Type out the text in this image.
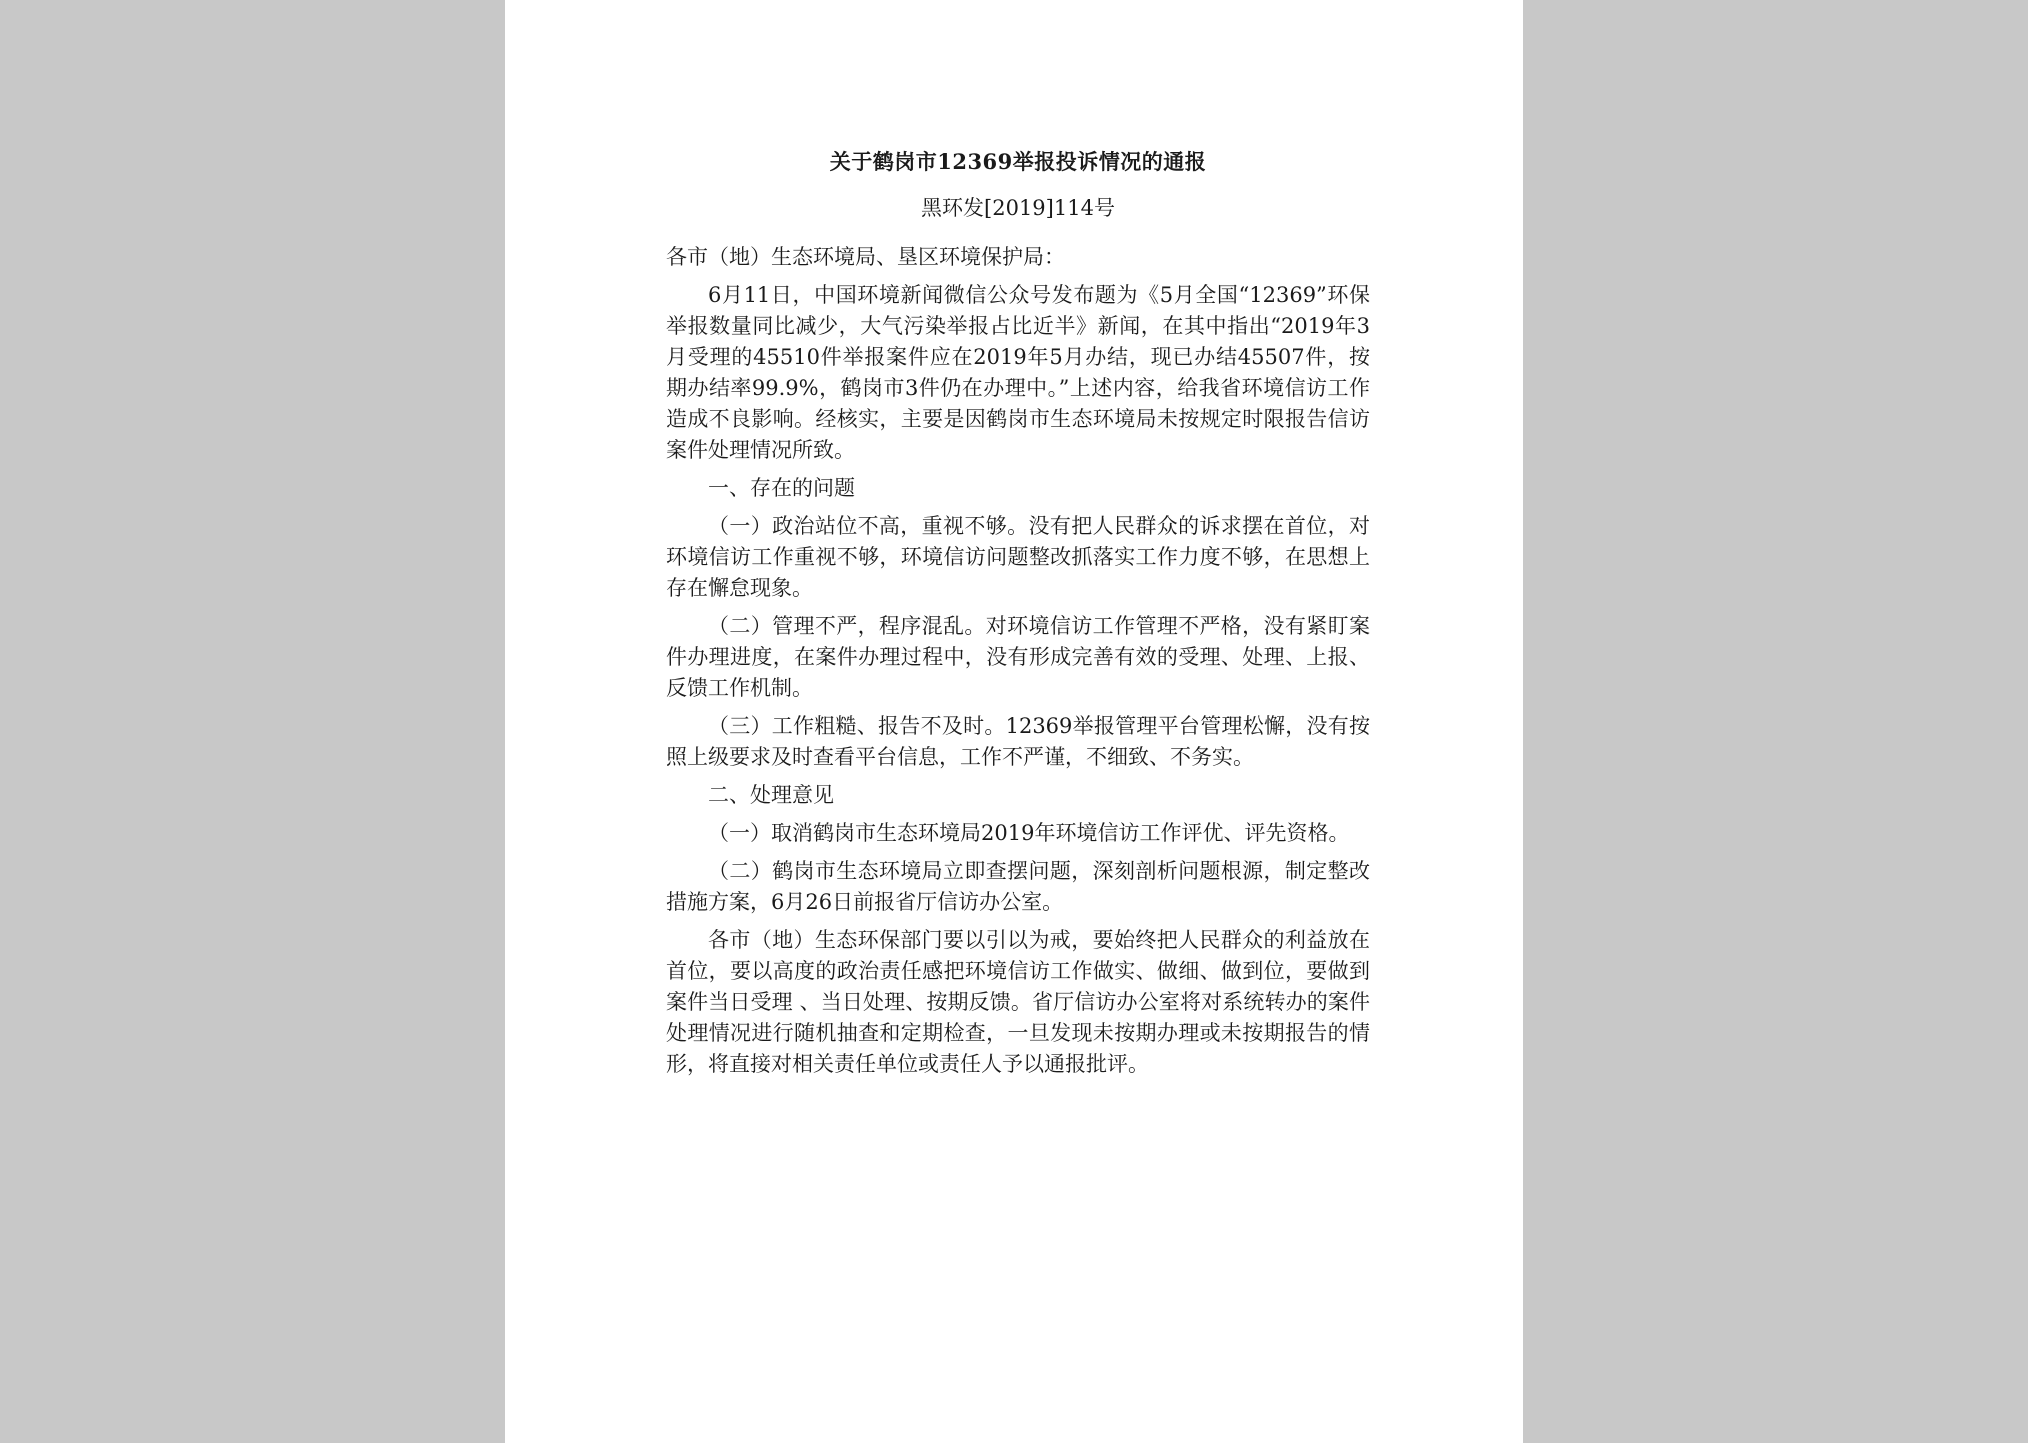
关于鹤岗市12369举报投诉情况的通报
黑环发[2019]114号
各市（地）生态环境局、垦区环境保护局：

6月11日，中国环境新闻微信公众号发布题为《5月全国“12369”环保举报数量同比减少，大气污染举报占比近半》新闻，在其中指出“2019年3月受理的45510件举报案件应在2019年5月办结，现已办结45507件，按期办结率99.9%，鹤岗市3件仍在办理中。”上述内容，给我省环境信访工作造成不良影响。经核实，主要是因鹤岗市生态环境局未按规定时限报告信访案件处理情况所致。

一、存在的问题

（一）政治站位不高，重视不够。没有把人民群众的诉求摆在首位，对环境信访工作重视不够，环境信访问题整改抓落实工作力度不够，在思想上存在懈怠现象。

（二）管理不严，程序混乱。对环境信访工作管理不严格，没有紧盯案件办理进度，在案件办理过程中，没有形成完善有效的受理、处理、上报、反馈工作机制。

（三）工作粗糙、报告不及时。12369举报管理平台管理松懈，没有按照上级要求及时查看平台信息，工作不严谨，不细致、不务实。

二、处理意见

（一）取消鹤岗市生态环境局2019年环境信访工作评优、评先资格。

（二）鹤岗市生态环境局立即查摆问题，深刻剖析问题根源，制定整改措施方案，6月26日前报省厅信访办公室。

各市（地）生态环保部门要以引以为戒，要始终把人民群众的利益放在首位，要以高度的政治责任感把环境信访工作做实、做细、做到位，要做到案件当日受理 、当日处理、按期反馈。省厅信访办公室将对系统转办的案件处理情况进行随机抽查和定期检查，一旦发现未按期办理或未按期报告的情形，将直接对相关责任单位或责任人予以通报批评。
